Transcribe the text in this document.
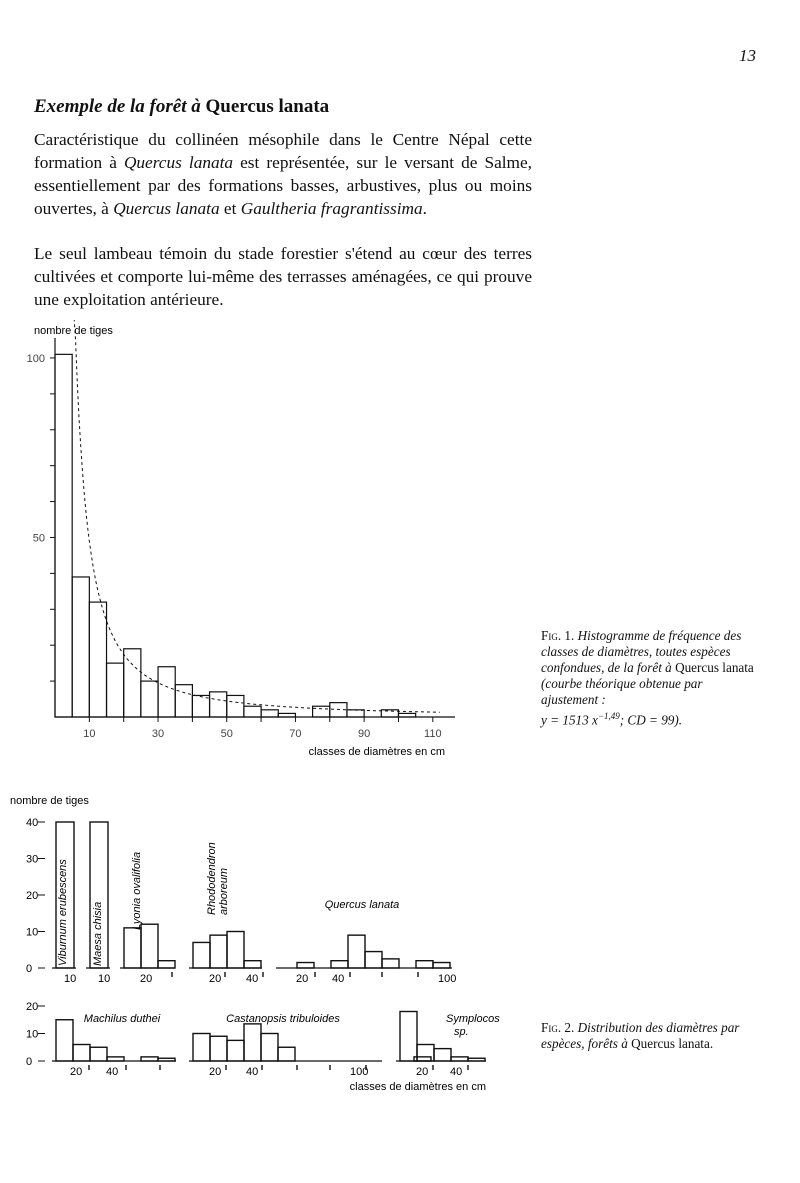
13
Exemple de la forêt à Quercus lanata

Caractéristique du collinéen mésophile dans le Centre Népal cette formation à Quercus lanata est représentée, sur le versant de Salme, essentiellement par des formations basses, arbustives, plus ou moins ouvertes, à Quercus lanata et Gaultheria fragrantissima.

Le seul lambeau témoin du stade forestier s'étend au cœur des terres cultivées et comporte lui-même des terrasses aménagées, ce qui prouve une exploitation antérieure.

nombre de tiges
100
50
10	30	50	70	90	110
classes de diamètres en cm

Fig. 1. Histogramme de fréquence des classes de diamètres, toutes espèces confondues, de la forêt à Quercus lanata (courbe théorique obtenue par ajustement :
y = 1513 $x^{-1,49}$; CD = 99).

nombre de tiges
40
30
20
10
0
20
10
0
classes de diamètres en cm
10
Viburnum erubescens
10
Maesa chisia
20
Lyonia ovalifolia
20 40
Rhododendronarboreum
20 40	100
Quercus lanata
20 40
Machilus duthei
20 40	100
Castanopsis tribuloides
20 40
Symplocos sp.	Fig. 2. Distribution des diamètres par espèces, forêts à Quercus lanata.
